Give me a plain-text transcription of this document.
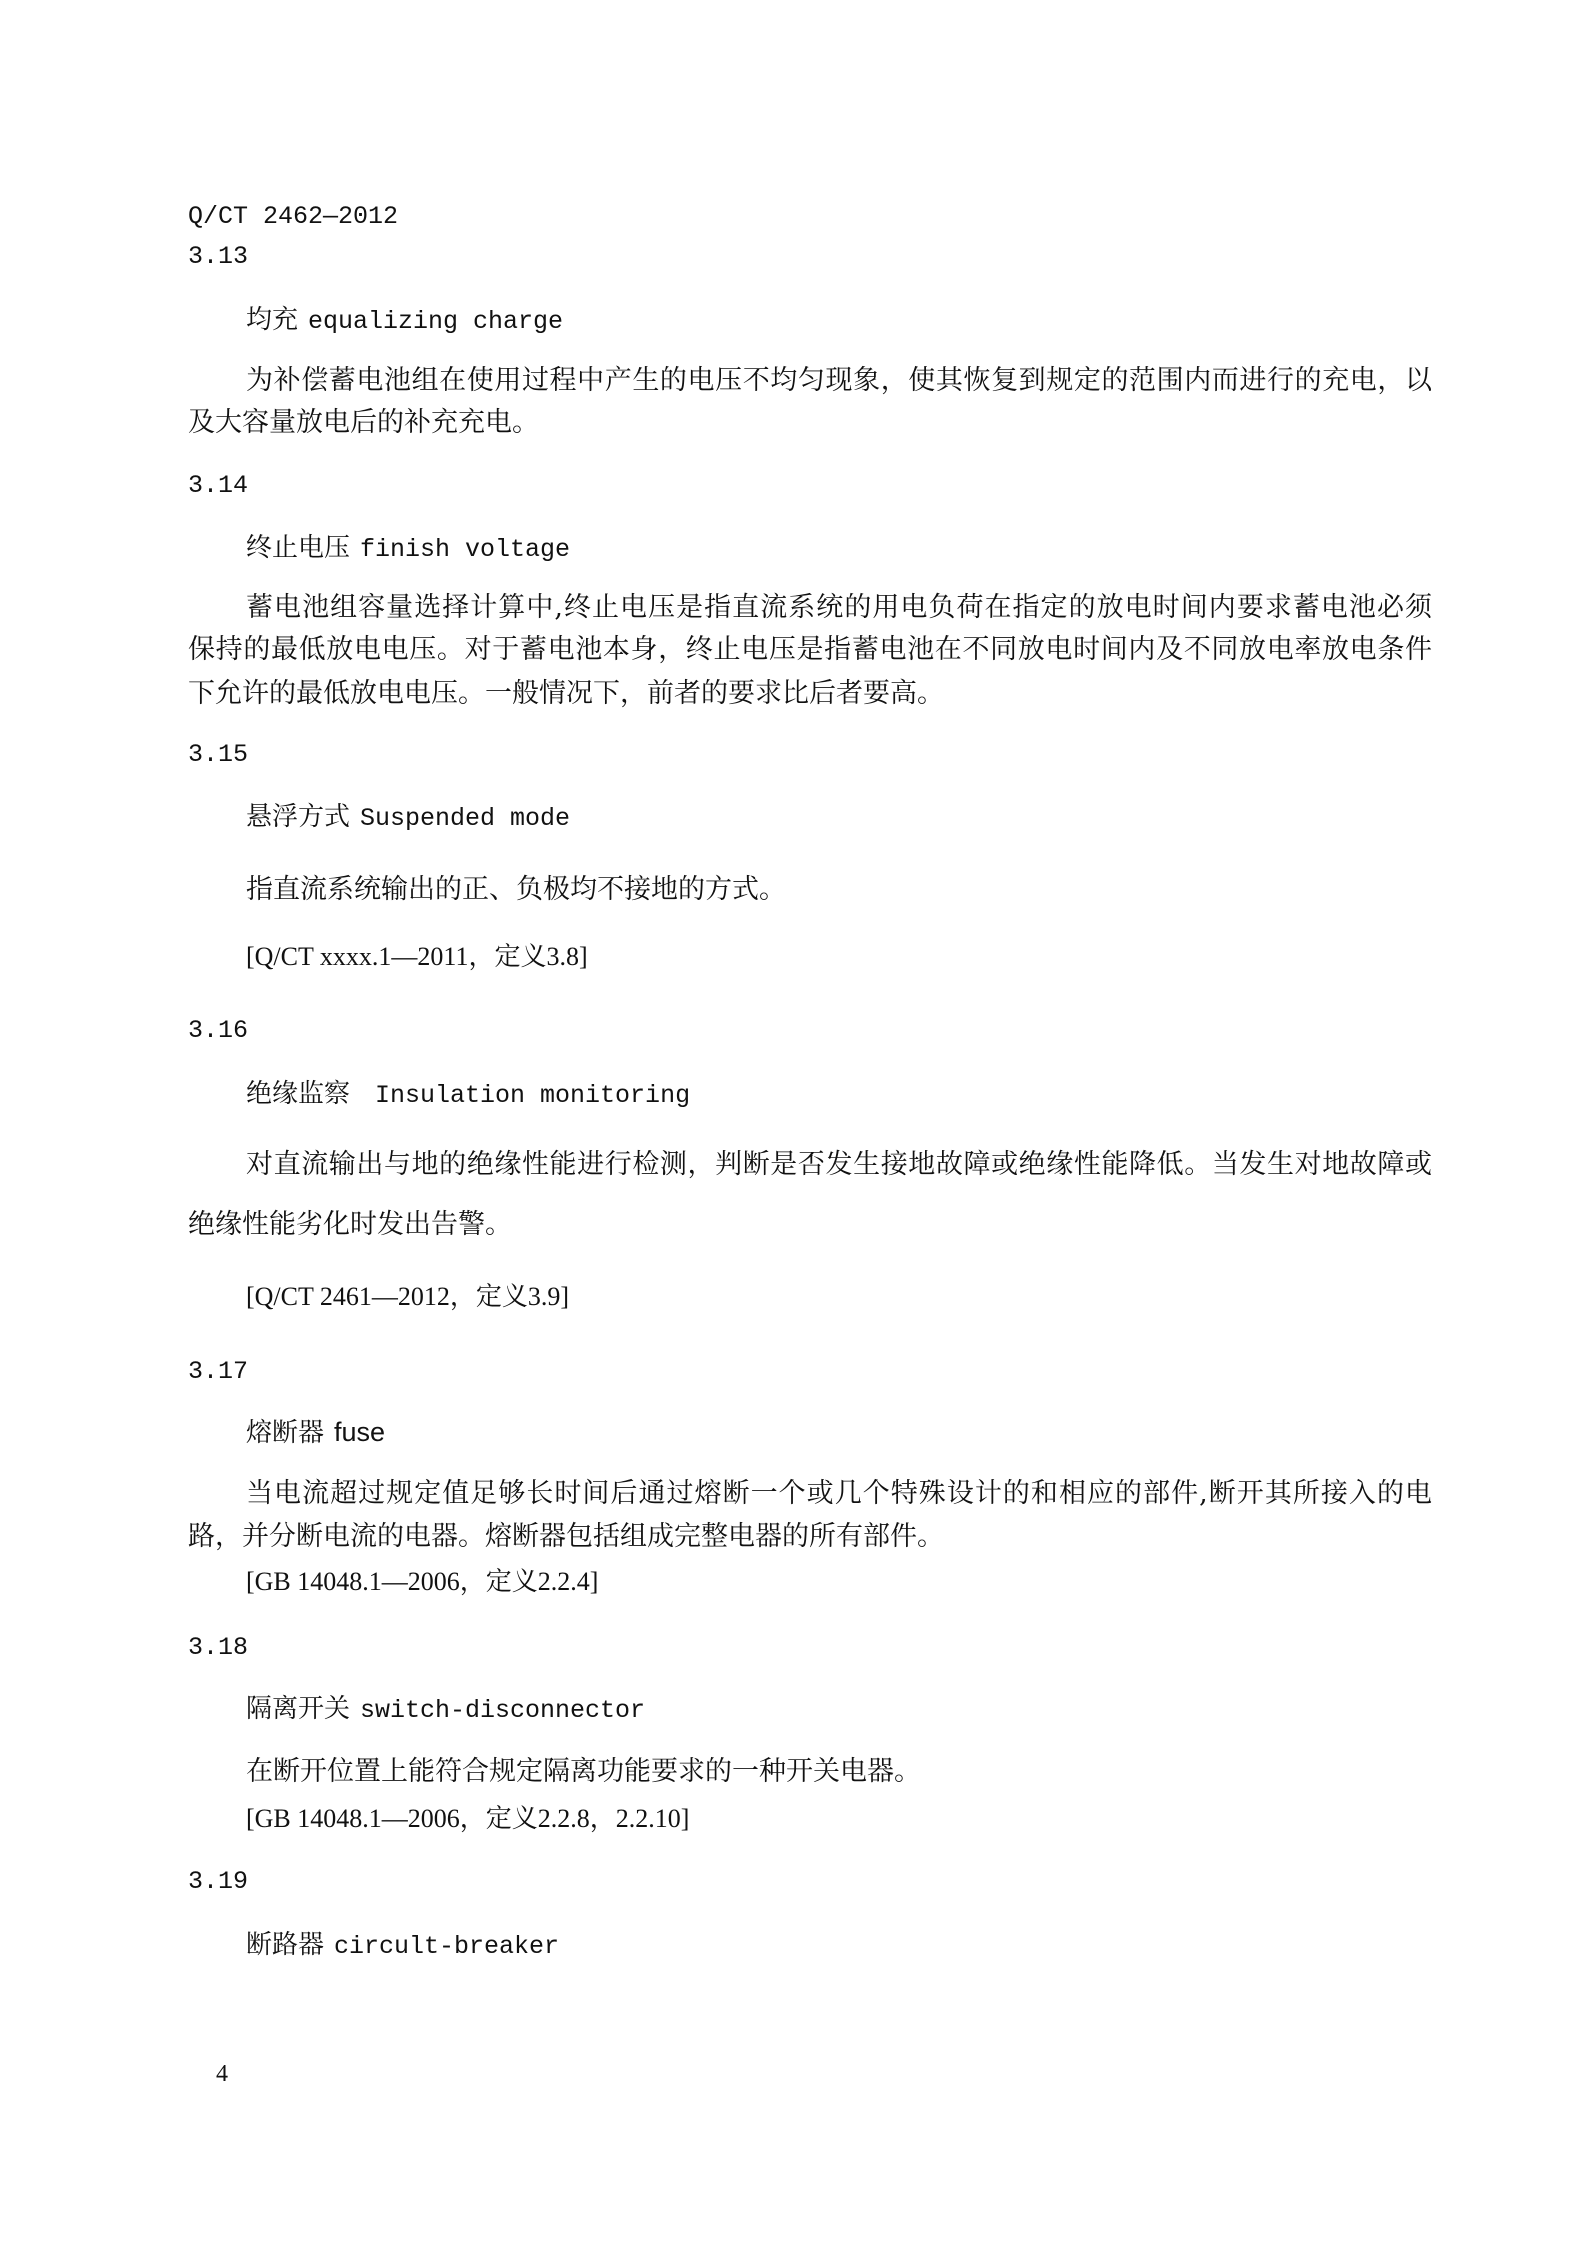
Q/CT 2462—2012
3.13
均充 equalizing charge
为补偿蓄电池组在使用过程中产生的电压不均匀现象，使其恢复到规定的范围内而进行的充电，以
及大容量放电后的补充充电。
3.14
终止电压 finish voltage
蓄电池组容量选择计算中,终止电压是指直流系统的用电负荷在指定的放电时间内要求蓄电池必须
保持的最低放电电压。对于蓄电池本身，终止电压是指蓄电池在不同放电时间内及不同放电率放电条件
下允许的最低放电电压。一般情况下，前者的要求比后者要高。
3.15
悬浮方式 Suspended mode
指直流系统输出的正、负极均不接地的方式。
[Q/CT xxxx.1—2011，定义3.8]
3.16
绝缘监察 Insulation monitoring
对直流输出与地的绝缘性能进行检测，判断是否发生接地故障或绝缘性能降低。当发生对地故障或
绝缘性能劣化时发出告警。
[Q/CT 2461—2012，定义3.9]
3.17
熔断器 fuse
当电流超过规定值足够长时间后通过熔断一个或几个特殊设计的和相应的部件,断开其所接入的电
路，并分断电流的电器。熔断器包括组成完整电器的所有部件。
[GB 14048.1—2006，定义2.2.4]
3.18
隔离开关 switch-disconnector
在断开位置上能符合规定隔离功能要求的一种开关电器。
[GB 14048.1—2006，定义2.2.8，2.2.10]
3.19
断路器 circult-breaker
4
